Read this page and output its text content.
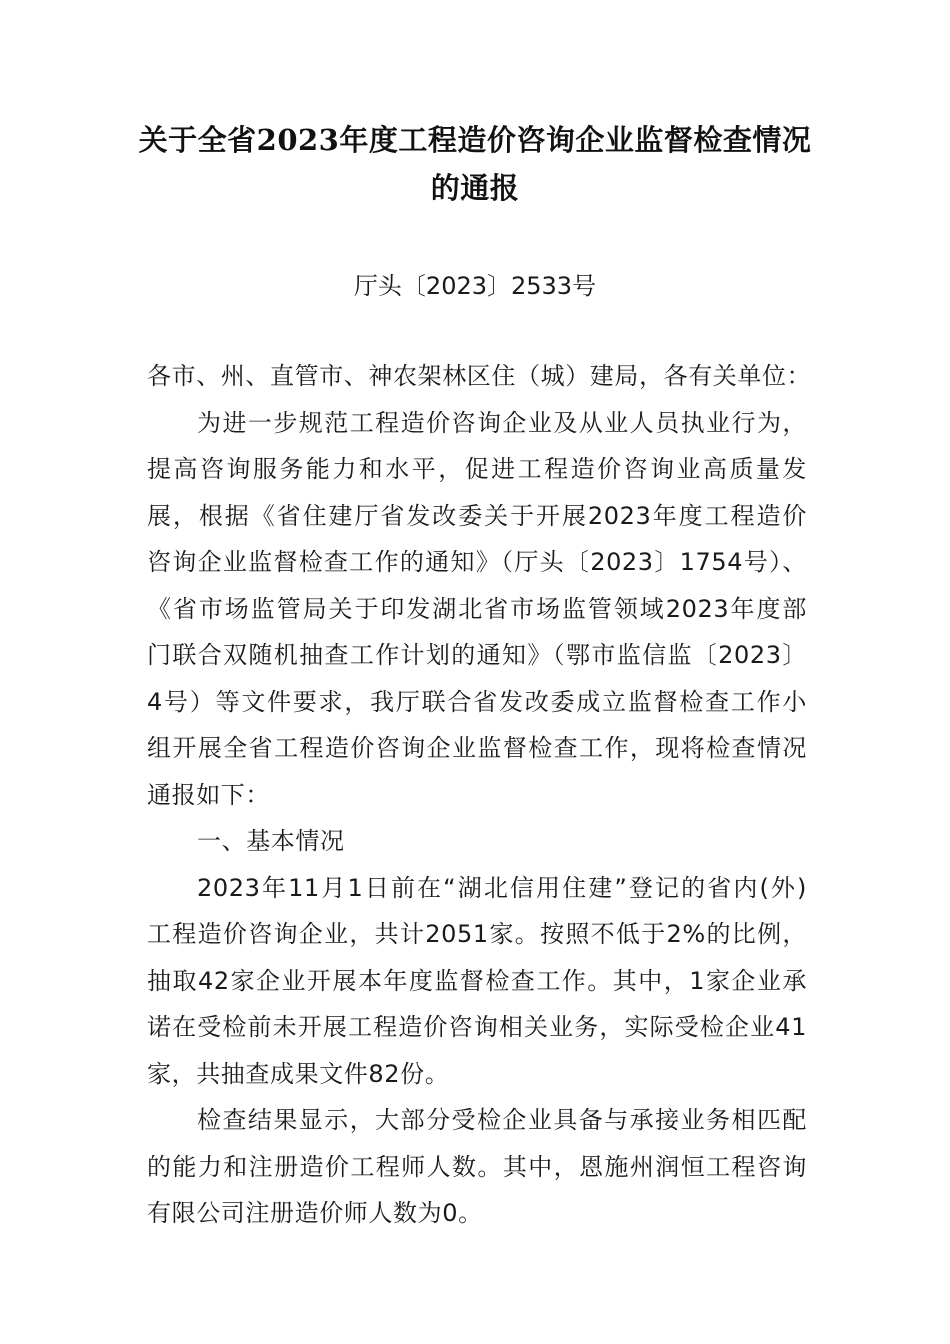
关于全省2023年度工程造价咨询企业监督检查情况
的通报
厅头〔2023〕2533号
各市、州、直管市、神农架林区住（城）建局，各有关单位：
为进一步规范工程造价咨询企业及从业人员执业行为，
提高咨询服务能力和水平，促进工程造价咨询业高质量发
展，根据《省住建厅省发改委关于开展2023年度工程造价
咨询企业监督检查工作的通知》（厅头〔2023〕1754号）、
《省市场监管局关于印发湖北省市场监管领域2023年度部
门联合双随机抽查工作计划的通知》（鄂市监信监〔2023〕
4号）等文件要求，我厅联合省发改委成立监督检查工作小
组开展全省工程造价咨询企业监督检查工作，现将检查情况
通报如下：
一、基本情况
2023年11月1日前在“湖北信用住建”登记的省内(外)
工程造价咨询企业，共计2051家。按照不低于2%的比例，
抽取42家企业开展本年度监督检查工作。其中，1家企业承
诺在受检前未开展工程造价咨询相关业务，实际受检企业41
家，共抽查成果文件82份。
检查结果显示，大部分受检企业具备与承接业务相匹配
的能力和注册造价工程师人数。其中，恩施州润恒工程咨询
有限公司注册造价师人数为0。
